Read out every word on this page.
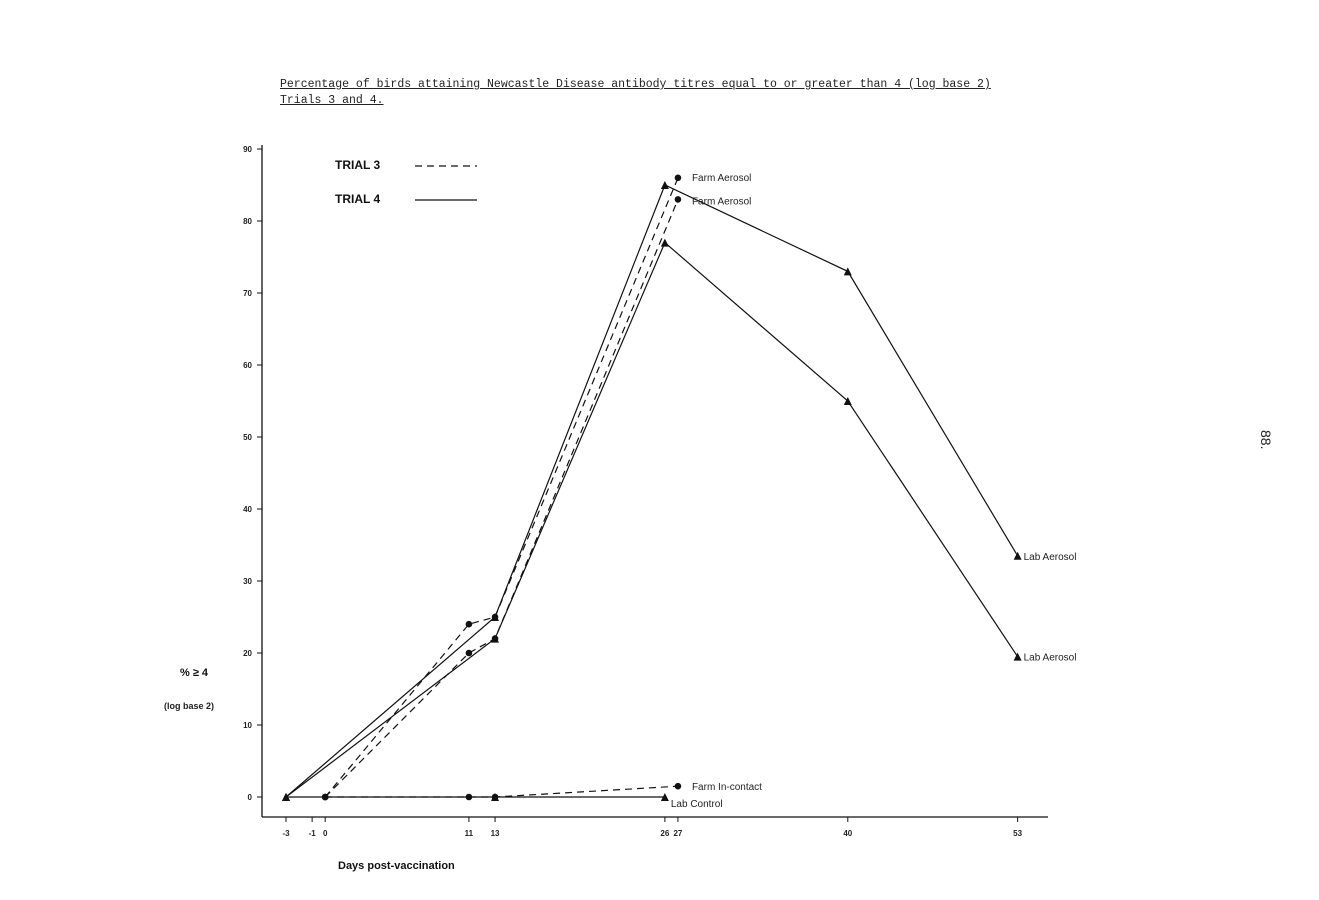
Percentage of birds attaining Newcastle Disease antibody titres equal to or greater than 4 (log base 2)
Trials 3 and 4.
88.
0
10
20
30
40
50
60
70
80
90
-3 -1 0	11 13	26 27	40	53
Farm Aerosol
Farm Aerosol
Farm In-contact
Lab Aerosol
Lab Aerosol
Lab Control
TRIAL 3
TRIAL 4
% ≥ 4
(log base 2)
Days post-vaccination
